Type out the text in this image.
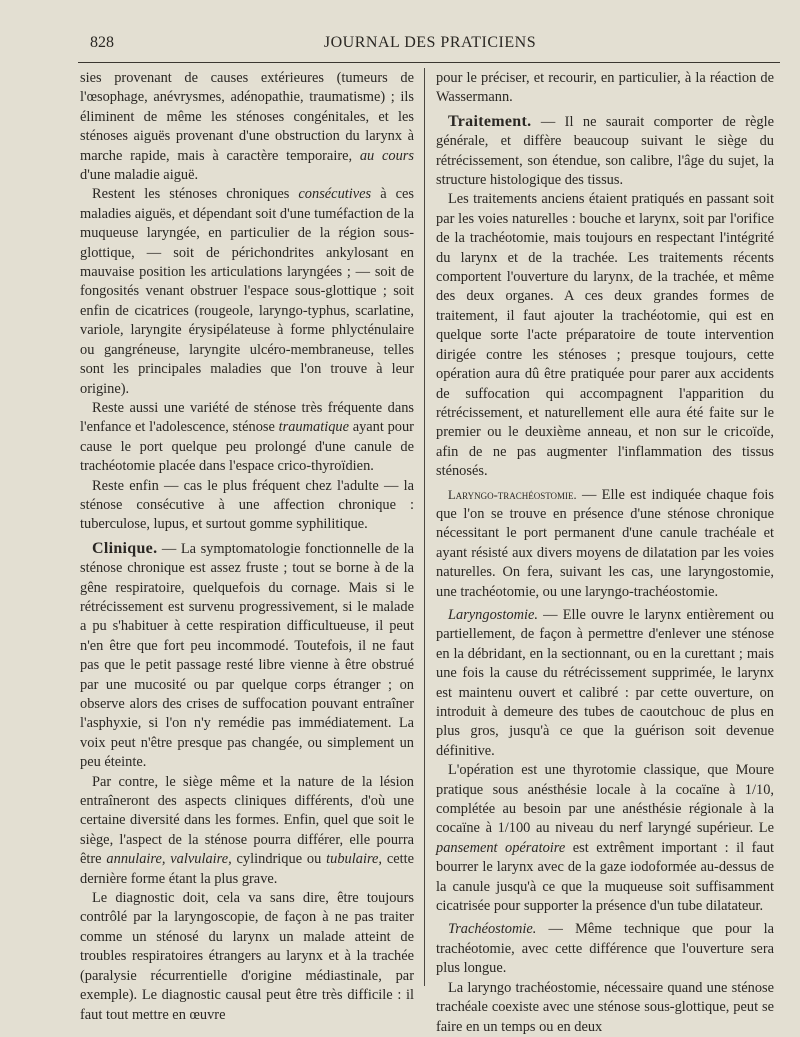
828	JOURNAL DES PRATICIENS

sies provenant de causes extérieures (tumeurs de l'œsophage, anévrysmes, adénopathie, traumatisme) ; ils éliminent de même les sténoses congénitales, et les sténoses aiguës provenant d'une obstruction du larynx à marche rapide, mais à caractère temporaire, au cours d'une maladie aiguë.

Restent les sténoses chroniques consécutives à ces maladies aiguës, et dépendant soit d'une tuméfaction de la muqueuse laryngée, en particulier de la région sous-glottique, — soit de périchondrites ankylosant en mauvaise position les articulations laryngées ; — soit de fongosités venant obstruer l'espace sous-glottique ; soit enfin de cicatrices (rougeole, laryngo-typhus, scarlatine, variole, laryngite érysipélateuse à forme phlycténulaire ou gangréneuse, laryngite ulcéro-membraneuse, telles sont les principales maladies que l'on trouve à leur origine).

Reste aussi une variété de sténose très fréquente dans l'enfance et l'adolescence, sténose traumatique ayant pour cause le port quelque peu prolongé d'une canule de trachéotomie placée dans l'espace crico-thyroïdien.

Reste enfin — cas le plus fréquent chez l'adulte — la sténose consécutive à une affection chronique : tuberculose, lupus, et surtout gomme syphilitique.

Clinique. — La symptomatologie fonctionnelle de la sténose chronique est assez fruste ; tout se borne à de la gêne respiratoire, quelquefois du cornage. Mais si le rétrécissement est survenu progressivement, si le malade a pu s'habituer à cette respiration difficultueuse, il peut n'en être que fort peu incommodé. Toutefois, il ne faut pas que le petit passage resté libre vienne à être obstrué par une mucosité ou par quelque corps étranger ; on observe alors des crises de suffocation pouvant entraîner l'asphyxie, si l'on n'y remédie pas immédiatement. La voix peut n'être presque pas changée, ou simplement un peu éteinte.

Par contre, le siège même et la nature de la lésion entraîneront des aspects cliniques différents, d'où une certaine diversité dans les formes. Enfin, quel que soit le siège, l'aspect de la sténose pourra différer, elle pourra être annulaire, valvulaire, cylindrique ou tubulaire, cette dernière forme étant la plus grave.

Le diagnostic doit, cela va sans dire, être toujours contrôlé par la laryngoscopie, de façon à ne pas traiter comme un sténosé du larynx un malade atteint de troubles respiratoires étrangers au larynx et à la trachée (paralysie récurrentielle d'origine médiastinale, par exemple). Le diagnostic causal peut être très difficile : il faut tout mettre en œuvre

pour le préciser, et recourir, en particulier, à la réaction de Wassermann.

Traitement. — Il ne saurait comporter de règle générale, et diffère beaucoup suivant le siège du rétrécissement, son étendue, son calibre, l'âge du sujet, la structure histologique des tissus.

Les traitements anciens étaient pratiqués en passant soit par les voies naturelles : bouche et larynx, soit par l'orifice de la trachéotomie, mais toujours en respectant l'intégrité du larynx et de la trachée. Les traitements récents comportent l'ouverture du larynx, de la trachée, et même des deux organes. A ces deux grandes formes de traitement, il faut ajouter la trachéotomie, qui est en quelque sorte l'acte préparatoire de toute intervention dirigée contre les sténoses ; presque toujours, cette opération aura dû être pratiquée pour parer aux accidents de suffocation qui accompagnent l'apparition du rétrécissement, et naturellement elle aura été faite sur le premier ou le deuxième anneau, et non sur le cricoïde, afin de ne pas augmenter l'inflammation des tissus sténosés.

Laryngo-trachéostomie. — Elle est indiquée chaque fois que l'on se trouve en présence d'une sténose chronique nécessitant le port permanent d'une canule trachéale et ayant résisté aux divers moyens de dilatation par les voies naturelles. On fera, suivant les cas, une laryngostomie, une trachéotomie, ou une laryngo-trachéostomie.

Laryngostomie. — Elle ouvre le larynx entièrement ou partiellement, de façon à permettre d'enlever une sténose en la débridant, en la sectionnant, ou en la curettant ; mais une fois la cause du rétrécissement supprimée, le larynx est maintenu ouvert et calibré : par cette ouverture, on introduit à demeure des tubes de caoutchouc de plus en plus gros, jusqu'à ce que la guérison soit devenue définitive.

L'opération est une thyrotomie classique, que Moure pratique sous anésthésie locale à la cocaïne à 1/10, complétée au besoin par une anésthésie régionale à la cocaïne à 1/100 au niveau du nerf laryngé supérieur. Le pansement opératoire est extrêment important : il faut bourrer le larynx avec de la gaze iodoformée au-dessus de la canule jusqu'à ce que la muqueuse soit suffisamment cicatrisée pour supporter la présence d'un tube dilatateur.

Trachéostomie. — Même technique que pour la trachéotomie, avec cette différence que l'ouverture sera plus longue.

La laryngo trachéostomie, nécessaire quand une sténose trachéale coexiste avec une sténose sous-glottique, peut se faire en un temps ou en deux
